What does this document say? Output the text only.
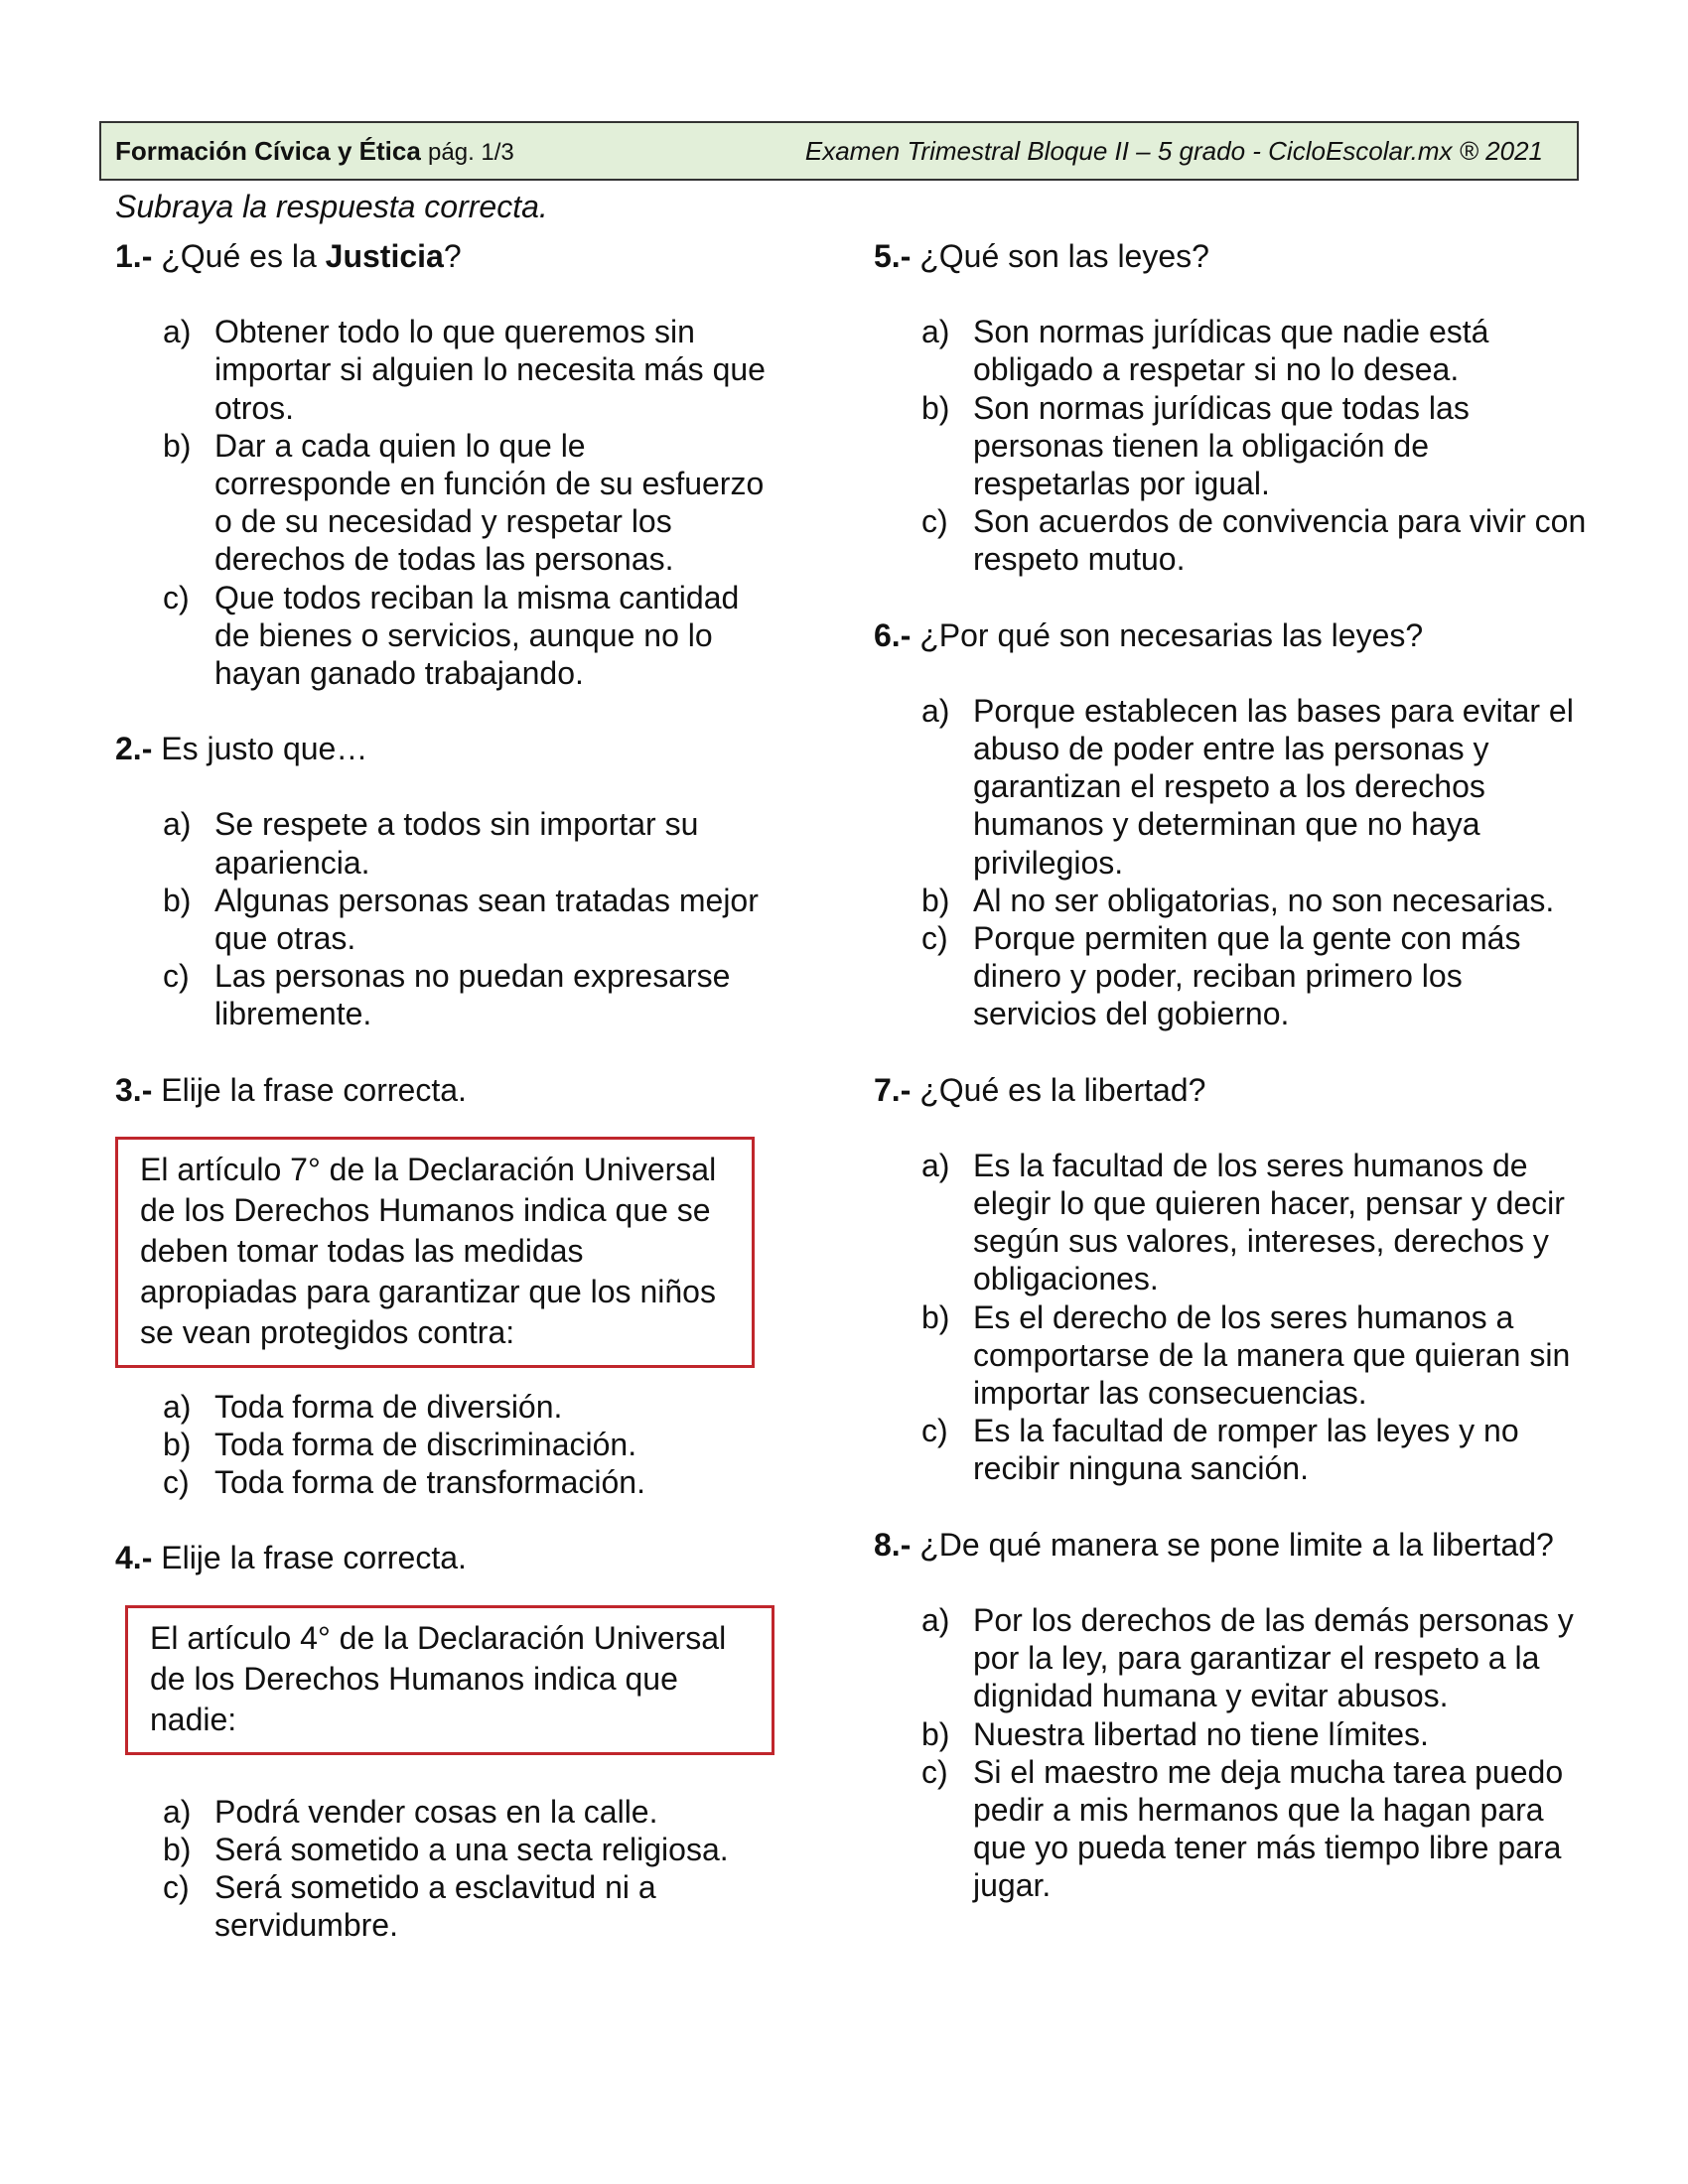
Formación Cívica y Ética pág. 1/3	Examen Trimestral Bloque II – 5 grado - CicloEscolar.mx ® 2021
Subraya la respuesta correcta.
1.- ¿Qué es la Justicia?
a) Obtener todo lo que queremos sin importar si alguien lo necesita más que otros.
b) Dar a cada quien lo que le corresponde en función de su esfuerzo o de su necesidad y respetar los derechos de todas las personas.
c) Que todos reciban la misma cantidad de bienes o servicios, aunque no lo hayan ganado trabajando.
2.- Es justo que…
a) Se respete a todos sin importar su apariencia.
b) Algunas personas sean tratadas mejor que otras.
c) Las personas no puedan expresarse libremente.
3.- Elije la frase correcta.
El artículo 7° de la Declaración Universal de los Derechos Humanos indica que se deben tomar todas las medidas apropiadas para garantizar que los niños se vean protegidos contra:
a) Toda forma de diversión.
b) Toda forma de discriminación.
c) Toda forma de transformación.
4.- Elije la frase correcta.
El artículo 4° de la Declaración Universal de los Derechos Humanos indica que nadie:
a) Podrá vender cosas en la calle.
b) Será sometido a una secta religiosa.
c) Será sometido a esclavitud ni a servidumbre.
5.- ¿Qué son las leyes?
a) Son normas jurídicas que nadie está obligado a respetar si no lo desea.
b) Son normas jurídicas que todas las personas tienen la obligación de respetarlas por igual.
c) Son acuerdos de convivencia para vivir con respeto mutuo.
6.- ¿Por qué son necesarias las leyes?
a) Porque establecen las bases para evitar el abuso de poder entre las personas y garantizan el respeto a los derechos humanos y determinan que no haya privilegios.
b) Al no ser obligatorias, no son necesarias.
c) Porque permiten que la gente con más dinero y poder, reciban primero los servicios del gobierno.
7.- ¿Qué es la libertad?
a) Es la facultad de los seres humanos de elegir lo que quieren hacer, pensar y decir según sus valores, intereses, derechos y obligaciones.
b) Es el derecho de los seres humanos a comportarse de la manera que quieran sin importar las consecuencias.
c) Es la facultad de romper las leyes y no recibir ninguna sanción.
8.- ¿De qué manera se pone limite a la libertad?
a) Por los derechos de las demás personas y por la ley, para garantizar el respeto a la dignidad humana y evitar abusos.
b) Nuestra libertad no tiene límites.
c) Si el maestro me deja mucha tarea puedo pedir a mis hermanos que la hagan para que yo pueda tener más tiempo libre para jugar.
